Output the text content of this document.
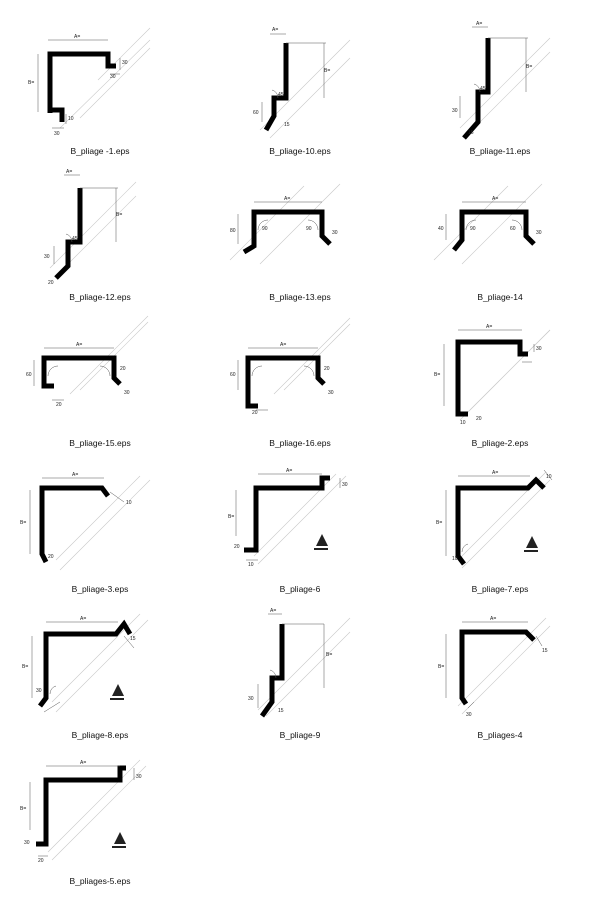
A=
B=
30
30
30
10
B_pliage -1.eps
A=
B=
45
60
15
B_pliage-10.eps
A=
B=
45
30
15
B_pliage-11.eps
A=
B=
45
30
20
B_pliage-12.eps
A=
80	90	90
30
B_pliage-13.eps
A=
40	90	60
30
B_pliage-14
A=
60
20
20
30
B_pliage-15.eps
A=
60
20
20
30
B_pliage-16.eps
A=
B=
30
20
10
B_pliage-2.eps
A=
B=
20
10
B_pliage-3.eps
A=
B=
20
30
10
B_pliage-6
A=
B=
10
10
B_pliage-7.eps
A=
B=
30
15
B_pliage-8.eps
A=
B=
30
15
B_pliage-9
A=
B=
15
30
B_pliages-4
A=
B=
30
30
20
B_pliages-5.eps
